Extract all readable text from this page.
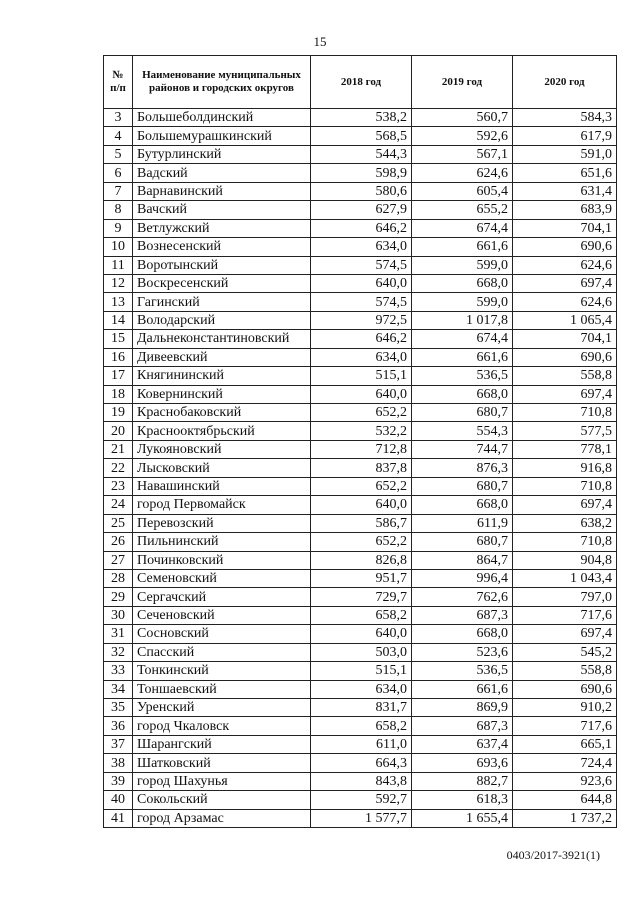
15
№ п/п	Наименование муниципальных районов и городских округов	2018 год	2019 год	2020 год
3	Большеболдинский	538,2	560,7	584,3
4	Большемурашкинский	568,5	592,6	617,9
5	Бутурлинский	544,3	567,1	591,0
6	Вадский	598,9	624,6	651,6
7	Варнавинский	580,6	605,4	631,4
8	Вачский	627,9	655,2	683,9
9	Ветлужский	646,2	674,4	704,1
10	Вознесенский	634,0	661,6	690,6
11	Воротынский	574,5	599,0	624,6
12	Воскресенский	640,0	668,0	697,4
13	Гагинский	574,5	599,0	624,6
14	Володарский	972,5	1 017,8	1 065,4
15	Дальнеконстантиновский	646,2	674,4	704,1
16	Дивеевский	634,0	661,6	690,6
17	Княгининский	515,1	536,5	558,8
18	Ковернинский	640,0	668,0	697,4
19	Краснобаковский	652,2	680,7	710,8
20	Краснооктябрьский	532,2	554,3	577,5
21	Лукояновский	712,8	744,7	778,1
22	Лысковский	837,8	876,3	916,8
23	Навашинский	652,2	680,7	710,8
24	город Первомайск	640,0	668,0	697,4
25	Перевозский	586,7	611,9	638,2
26	Пильнинский	652,2	680,7	710,8
27	Починковский	826,8	864,7	904,8
28	Семеновский	951,7	996,4	1 043,4
29	Сергачский	729,7	762,6	797,0
30	Сеченовский	658,2	687,3	717,6
31	Сосновский	640,0	668,0	697,4
32	Спасский	503,0	523,6	545,2
33	Тонкинский	515,1	536,5	558,8
34	Тоншаевский	634,0	661,6	690,6
35	Уренский	831,7	869,9	910,2
36	город Чкаловск	658,2	687,3	717,6
37	Шарангский	611,0	637,4	665,1
38	Шатковский	664,3	693,6	724,4
39	город Шахунья	843,8	882,7	923,6
40	Сокольский	592,7	618,3	644,8
41	город Арзамас	1 577,7	1 655,4	1 737,2
0403/2017-3921(1)
